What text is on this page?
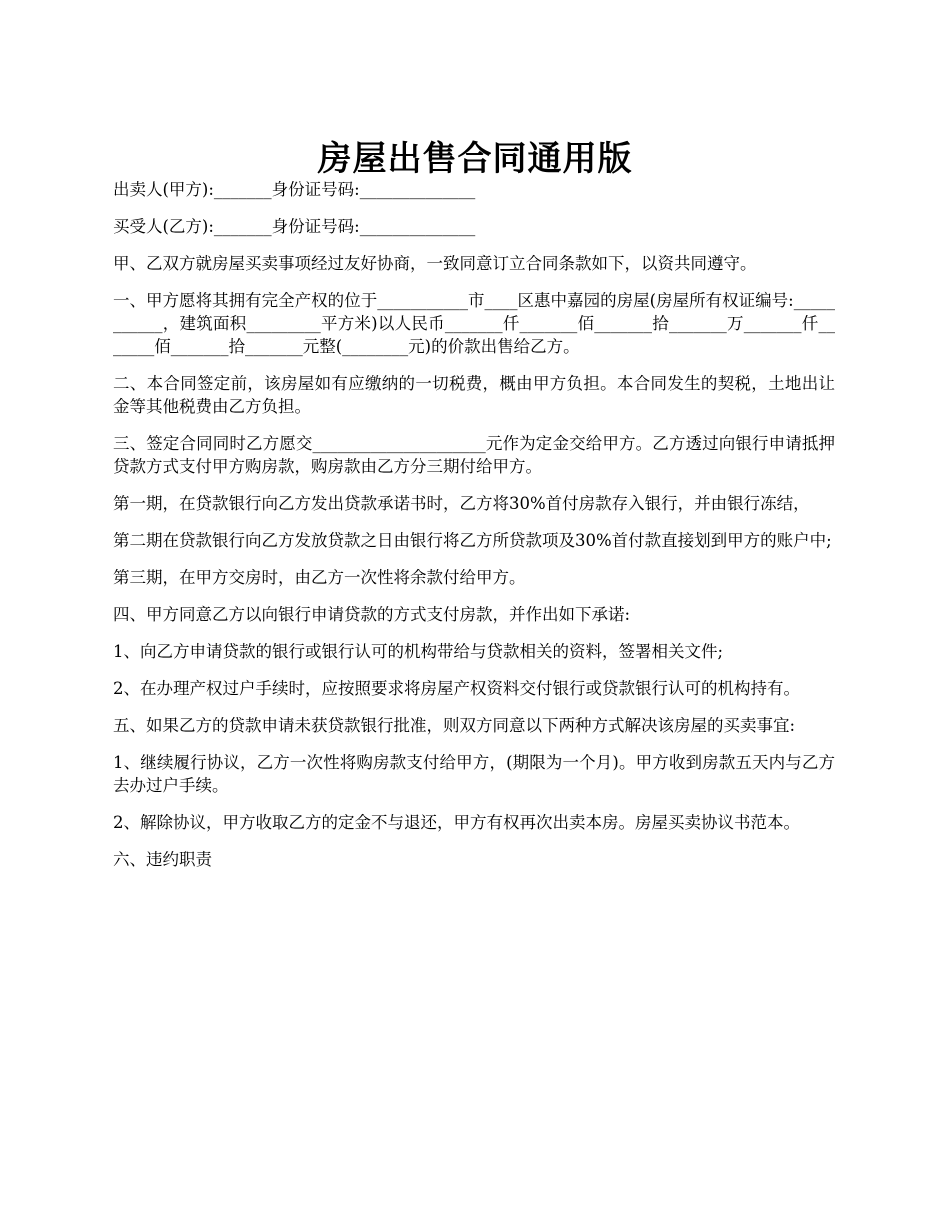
房屋出售合同通用版

出卖人(甲方):_______身份证号码:______________

买受人(乙方):_______身份证号码:______________

甲、乙双方就房屋买卖事项经过友好协商，一致同意订立合同条款如下，以资共同遵守。

一、甲方愿将其拥有完全产权的位于___________市____区惠中嘉园的房屋(房屋所有权证编号:___________，建筑面积_________平方米)以人民币_______仟_______佰_______拾_______万_______仟_______佰_______拾_______元整(________元)的价款出售给乙方。

二、本合同签定前，该房屋如有应缴纳的一切税费，概由甲方负担。本合同发生的契税，土地出让金等其他税费由乙方负担。

三、签定合同同时乙方愿交_____________________元作为定金交给甲方。乙方透过向银行申请抵押贷款方式支付甲方购房款，购房款由乙方分三期付给甲方。

第一期，在贷款银行向乙方发出贷款承诺书时，乙方将30%首付房款存入银行，并由银行冻结，

第二期在贷款银行向乙方发放贷款之日由银行将乙方所贷款项及30%首付款直接划到甲方的账户中;

第三期，在甲方交房时，由乙方一次性将余款付给甲方。

四、甲方同意乙方以向银行申请贷款的方式支付房款，并作出如下承诺:

1、向乙方申请贷款的银行或银行认可的机构带给与贷款相关的资料，签署相关文件;

2、在办理产权过户手续时，应按照要求将房屋产权资料交付银行或贷款银行认可的机构持有。

五、如果乙方的贷款申请未获贷款银行批准，则双方同意以下两种方式解决该房屋的买卖事宜:

1、继续履行协议，乙方一次性将购房款支付给甲方，(期限为一个月)。甲方收到房款五天内与乙方去办过户手续。

2、解除协议，甲方收取乙方的定金不与退还，甲方有权再次出卖本房。房屋买卖协议书范本。

六、违约职责
